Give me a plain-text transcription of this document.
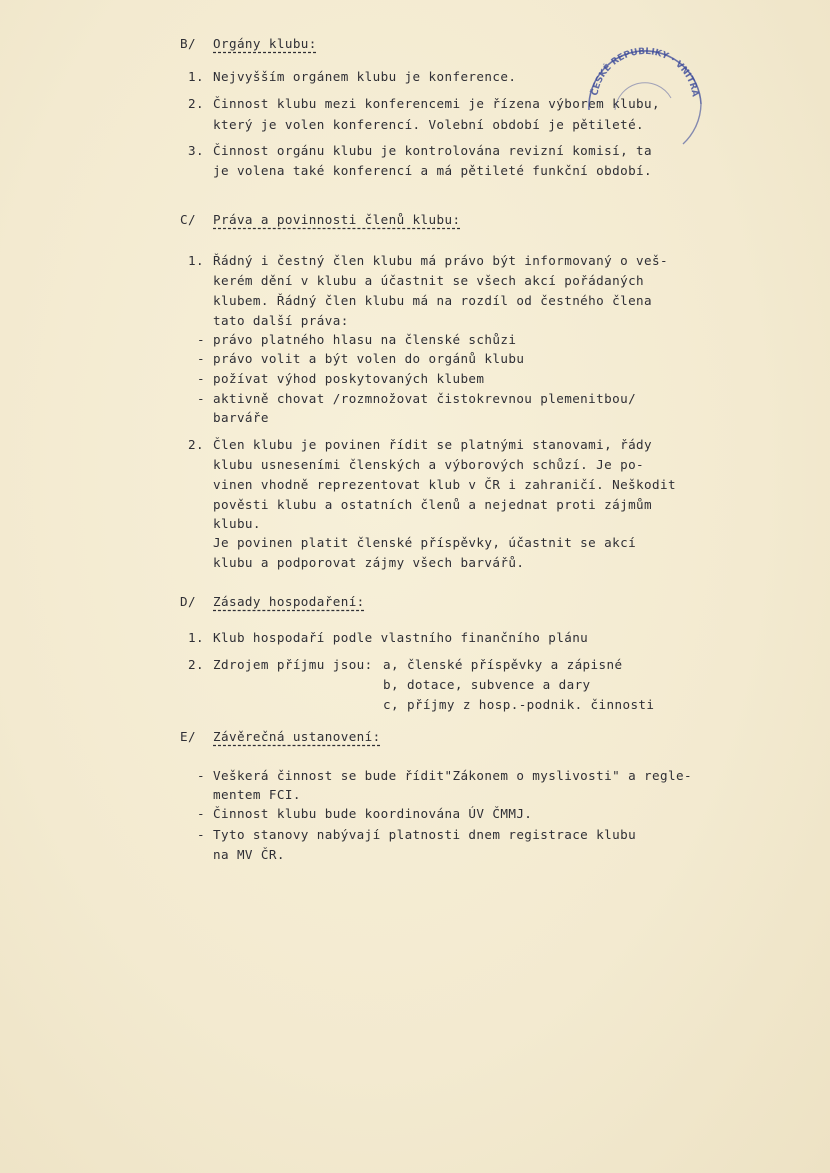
B/ Orgány klubu:
1. Nejvyšším orgánem klubu je konference.
2. Činnost klubu mezi konferencemi je řízena výborem klubu,
který je volen konferencí. Volební období je pětileté.
3. Činnost orgánu klubu je kontrolována revizní komisí, ta
je volena také konferencí a má pětileté funkční období.
C/ Práva a povinnosti členů klubu:
1. Řádný i čestný člen klubu má právo být informovaný o veš-
kerém dění v klubu a účastnit se všech akcí pořádaných
klubem. Řádný člen klubu má na rozdíl od čestného člena
tato další práva:
- právo platného hlasu na členské schůzi
- právo volit a být volen do orgánů klubu
- požívat výhod poskytovaných klubem
- aktivně chovat /rozmnožovat čistokrevnou plemenitbou/
barváře
2. Člen klubu je povinen řídit se platnými stanovami, řády
klubu usneseními členských a výborových schůzí. Je po-
vinen vhodně reprezentovat klub v ČR i zahraničí. Neškodit
pověsti klubu a ostatních členů a nejednat proti zájmům
klubu.
Je povinen platit členské příspěvky, účastnit se akcí
klubu a podporovat zájmy všech barvářů.
D/ Zásady hospodaření:
1. Klub hospodaří podle vlastního finančního plánu
2. Zdrojem příjmu jsou: a, členské příspěvky a zápisné
b, dotace, subvence a dary
c, příjmy z hosp.-podnik. činnosti
E/ Závěrečná ustanovení:
- Veškerá činnost se bude řídit"Zákonem o myslivosti" a regle-
mentem FCI.
- Činnost klubu bude koordinována ÚV ČMMJ.
- Tyto stanovy nabývají platnosti dnem registrace klubu
na MV ČR.
ČESKÉ REPUBLIKY · VNITRA
